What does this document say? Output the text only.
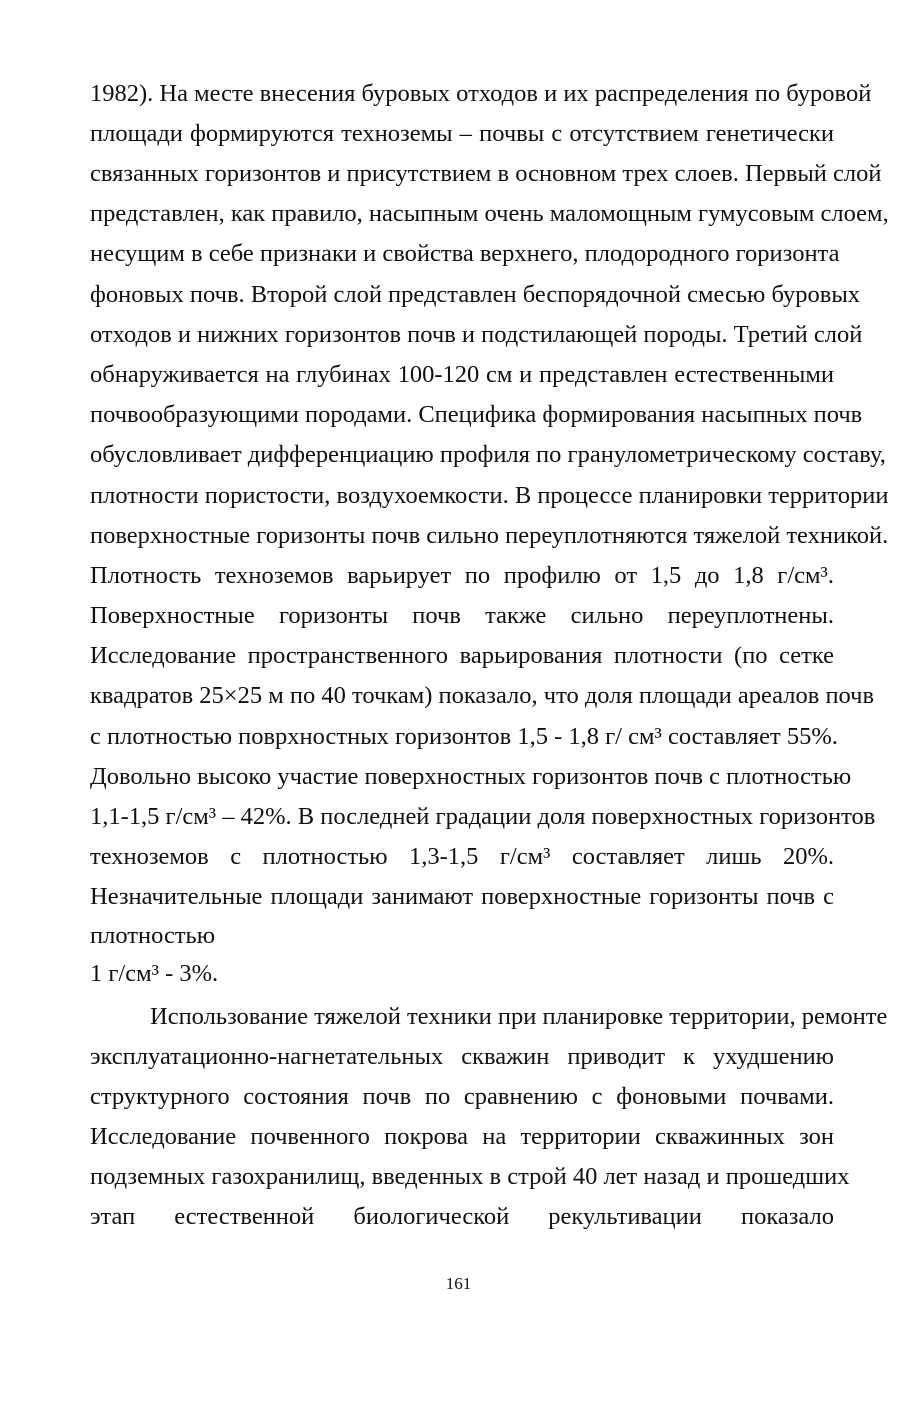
1982). На месте внесения буровых отходов и их распределения по буровой
площади формируются техноземы – почвы с отсутствием генетически
связанных горизонтов и присутствием в основном трех слоев. Первый слой
представлен, как правило, насыпным очень маломощным гумусовым слоем,
несущим в себе признаки и свойства верхнего, плодородного горизонта
фоновых почв. Второй слой представлен беспорядочной смесью буровых
отходов и нижних горизонтов почв и подстилающей породы. Третий слой
обнаруживается на глубинах 100-120 см и представлен естественными
почвообразующими породами. Специфика формирования насыпных почв
обусловливает дифференциацию профиля по гранулометрическому составу,
плотности пористости, воздухоемкости. В процессе планировки территории
поверхностные горизонты почв сильно переуплотняются тяжелой техникой.
Плотность техноземов варьирует по профилю от 1,5 до 1,8 г/см³.
Поверхностные горизонты почв также сильно переуплотнены.
Исследование пространственного варьирования плотности (по сетке
квадратов 25×25 м по 40 точкам) показало, что доля площади ареалов почв
с плотностью повpхностных горизонтов 1,5 - 1,8 г/ см³ составляет 55%.
Довольно высоко участие поверхностных горизонтов почв с плотностью
1,1-1,5 г/см³ – 42%. В последней градации доля поверхностных горизонтов
техноземов с плотностью 1,3-1,5 г/см³ составляет лишь 20%.
Незначительные площади занимают поверхностные горизонты почв с
плотностью
1 г/см³ - 3%.
Использование тяжелой техники при планировке территории, ремонте
эксплуатационно-нагнетательных скважин приводит к ухудшению
структурного состояния почв по сравнению с фоновыми почвами.
Исследование почвенного покрова на территории скважинных зон
подземных газохранилищ, введенных в строй 40 лет назад и прошедших
этап естественной биологической рекультивации показало
161
